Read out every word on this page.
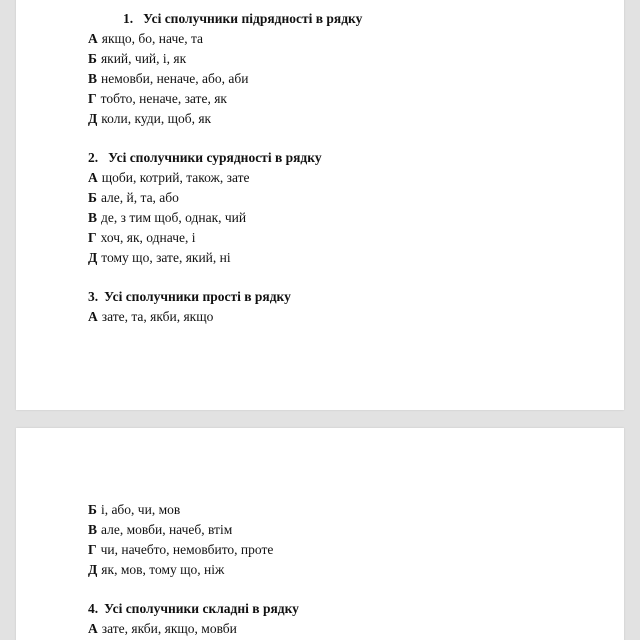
1. Усі сполучники підрядності в рядку
А якщо, бо, наче, та
Б який, чий, і, як
В немовби, неначе, або, аби
Г тобто, неначе, зате, як
Д коли, куди, щоб, як
2. Усі сполучники сурядності в рядку
А щоби, котрий, також, зате
Б але, й, та, або
В де, з тим щоб, однак, чий
Г хоч, як, одначе, і
Д тому що, зате, який, ні
3. Усі сполучники прості в рядку
А зате, та, якби, якщо
Б і, або, чи, мов
В але, мовби, начеб, втім
Г чи, начебто, немовбито, проте
Д як, мов, тому що, ніж
4. Усі сполучники складні в рядку
А зате, якби, якщо, мовби
